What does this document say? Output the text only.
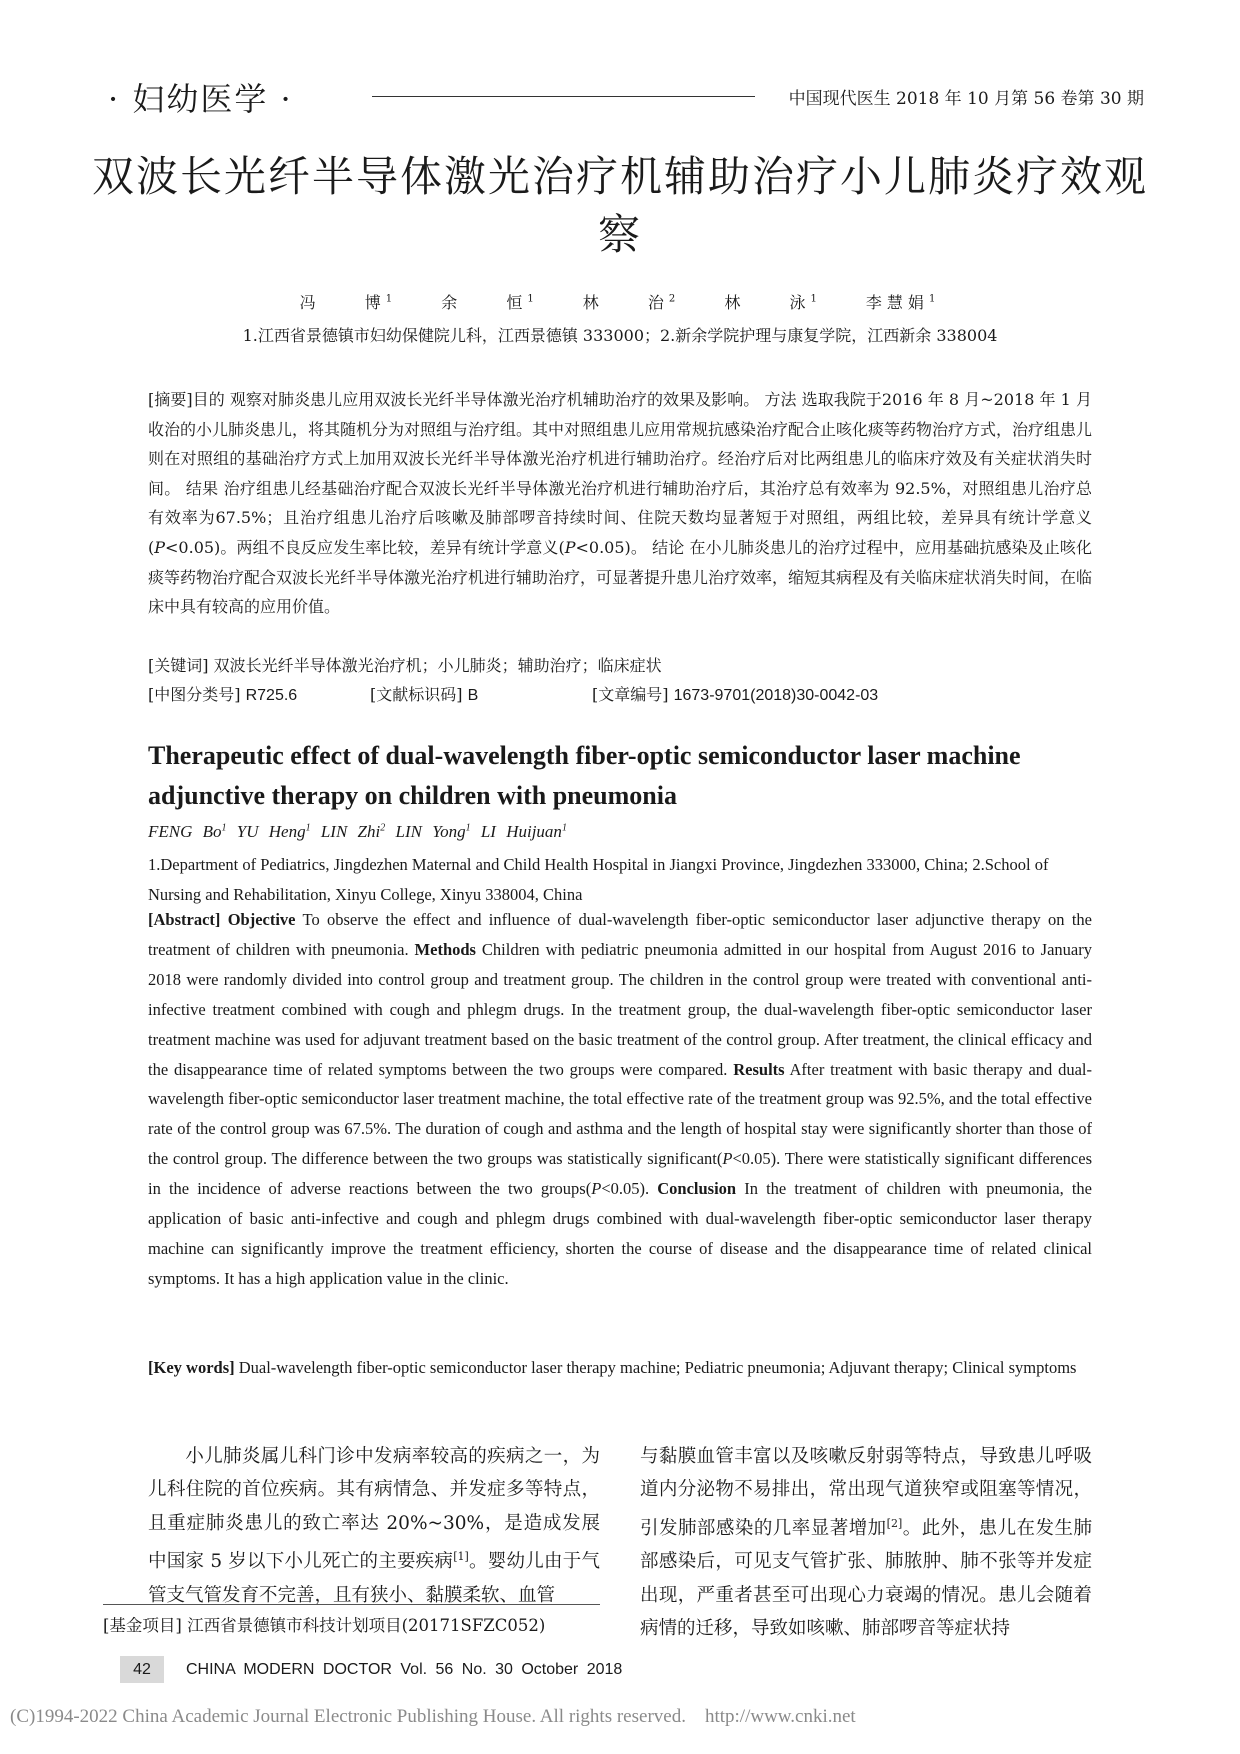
· 妇幼医学 ·	中国现代医生 2018 年 10 月第 56 卷第 30 期
双波长光纤半导体激光治疗机辅助治疗小儿肺炎疗效观察
冯 博$^1$	余 恒$^1$	林 治$^2$	林 泳$^1$	李慧娟$^1$
1.江西省景德镇市妇幼保健院儿科，江西景德镇 333000；2.新余学院护理与康复学院，江西新余 338004
[摘要]目的 观察对肺炎患儿应用双波长光纤半导体激光治疗机辅助治疗的效果及影响。 方法 选取我院于2016 年 8 月~2018 年 1 月收治的小儿肺炎患儿，将其随机分为对照组与治疗组。其中对照组患儿应用常规抗感染治疗配合止咳化痰等药物治疗方式，治疗组患儿则在对照组的基础治疗方式上加用双波长光纤半导体激光治疗机进行辅助治疗。经治疗后对比两组患儿的临床疗效及有关症状消失时间。 结果 治疗组患儿经基础治疗配合双波长光纤半导体激光治疗机进行辅助治疗后，其治疗总有效率为 92.5%，对照组患儿治疗总有效率为67.5%；且治疗组患儿治疗后咳嗽及肺部啰音持续时间、住院天数均显著短于对照组，两组比较，差异具有统计学意义(P<0.05)。两组不良反应发生率比较，差异有统计学意义(P<0.05)。 结论 在小儿肺炎患儿的治疗过程中，应用基础抗感染及止咳化痰等药物治疗配合双波长光纤半导体激光治疗机进行辅助治疗，可显著提升患儿治疗效率，缩短其病程及有关临床症状消失时间，在临床中具有较高的应用价值。
[关键词] 双波长光纤半导体激光治疗机；小儿肺炎；辅助治疗；临床症状
[中图分类号] R725.6	[文献标识码] B	[文章编号] 1673-9701(2018)30-0042-03
Therapeutic effect of dual-wavelength fiber-optic semiconductor laser machine adjunctive therapy on children with pneumonia
FENG Bo$^1$ YU Heng$^1$ LIN Zhi$^2$ LIN Yong$^1$ LI Huijuan$^1$
1.Department of Pediatrics, Jingdezhen Maternal and Child Health Hospital in Jiangxi Province, Jingdezhen 333000, China; 2.School of Nursing and Rehabilitation, Xinyu College, Xinyu 338004, China
[Abstract] Objective To observe the effect and influence of dual-wavelength fiber-optic semiconductor laser adjunctive therapy on the treatment of children with pneumonia. Methods Children with pediatric pneumonia admitted in our hospital from August 2016 to January 2018 were randomly divided into control group and treatment group. The children in the control group were treated with conventional anti-infective treatment combined with cough and phlegm drugs. In the treatment group, the dual-wavelength fiber-optic semiconductor laser treatment machine was used for adjuvant treatment based on the basic treatment of the control group. After treatment, the clinical efficacy and the disappearance time of related symptoms between the two groups were compared. Results After treatment with basic therapy and dual-wavelength fiber-optic semiconductor laser treatment machine, the total effective rate of the treatment group was 92.5%, and the total effective rate of the control group was 67.5%. The duration of cough and asthma and the length of hospital stay were significantly shorter than those of the control group. The difference between the two groups was statistically significant(P<0.05). There were statistically significant differences in the incidence of adverse reactions between the two groups(P<0.05). Conclusion In the treatment of children with pneumonia, the application of basic anti-infective and cough and phlegm drugs combined with dual-wavelength fiber-optic semiconductor laser therapy machine can significantly improve the treatment efficiency, shorten the course of disease and the disappearance time of related clinical symptoms. It has a high application value in the clinic.
[Key words] Dual-wavelength fiber-optic semiconductor laser therapy machine; Pediatric pneumonia; Adjuvant therapy; Clinical symptoms
小儿肺炎属儿科门诊中发病率较高的疾病之一，为儿科住院的首位疾病。其有病情急、并发症多等特点，且重症肺炎患儿的致亡率达 20%~30%，是造成发展中国家 5 岁以下小儿死亡的主要疾病[1]。婴幼儿由于气管支气管发育不完善，且有狭小、黏膜柔软、血管
与黏膜血管丰富以及咳嗽反射弱等特点，导致患儿呼吸道内分泌物不易排出，常出现气道狭窄或阻塞等情况，引发肺部感染的几率显著增加[2]。此外，患儿在发生肺部感染后，可见支气管扩张、肺脓肿、肺不张等并发症出现，严重者甚至可出现心力衰竭的情况。患儿会随着病情的迁移，导致如咳嗽、肺部啰音等症状持
[基金项目] 江西省景德镇市科技计划项目(20171SFZC052)
42	CHINA MODERN DOCTOR Vol. 56 No. 30 October 2018
(C)1994-2022 China Academic Journal Electronic Publishing House. All rights reserved.    http://www.cnki.net
